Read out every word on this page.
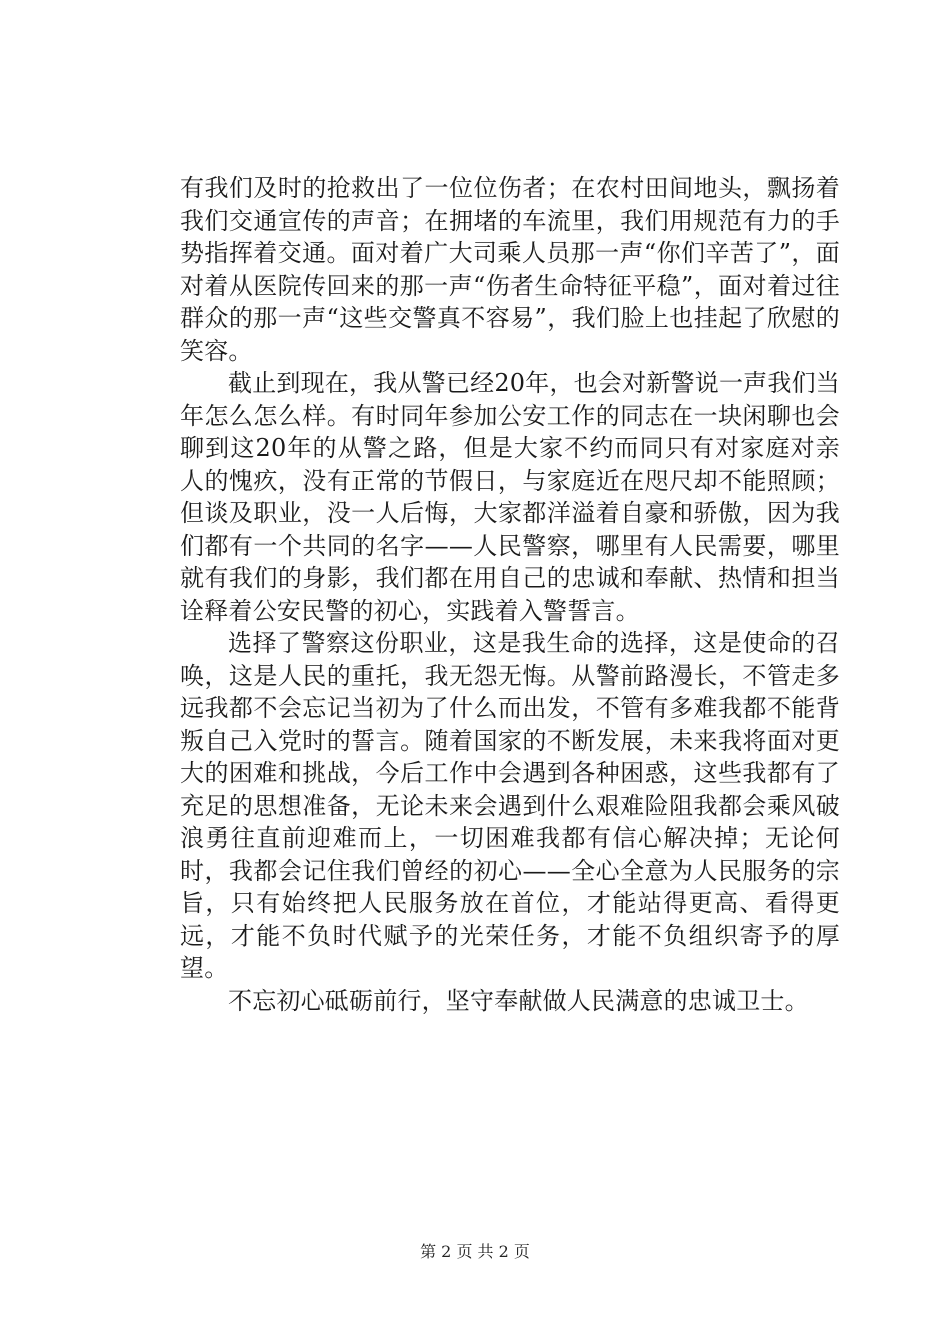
有我们及时的抢救出了一位位伤者；在农村田间地头，飘扬着我们交通宣传的声音；在拥堵的车流里，我们用规范有力的手势指挥着交通。面对着广大司乘人员那一声“你们辛苦了”，面对着从医院传回来的那一声“伤者生命特征平稳”，面对着过往群众的那一声“这些交警真不容易”，我们脸上也挂起了欣慰的笑容。

截止到现在，我从警已经20年，也会对新警说一声我们当年怎么怎么样。有时同年参加公安工作的同志在一块闲聊也会聊到这20年的从警之路，但是大家不约而同只有对家庭对亲人的愧疚，没有正常的节假日，与家庭近在咫尺却不能照顾；但谈及职业，没一人后悔，大家都洋溢着自豪和骄傲，因为我们都有一个共同的名字——人民警察，哪里有人民需要，哪里就有我们的身影，我们都在用自己的忠诚和奉献、热情和担当诠释着公安民警的初心，实践着入警誓言。

选择了警察这份职业，这是我生命的选择，这是使命的召唤，这是人民的重托，我无怨无悔。从警前路漫长，不管走多远我都不会忘记当初为了什么而出发，不管有多难我都不能背叛自己入党时的誓言。随着国家的不断发展，未来我将面对更大的困难和挑战，今后工作中会遇到各种困惑，这些我都有了充足的思想准备，无论未来会遇到什么艰难险阻我都会乘风破浪勇往直前迎难而上，一切困难我都有信心解决掉；无论何时，我都会记住我们曾经的初心——全心全意为人民服务的宗旨，只有始终把人民服务放在首位，才能站得更高、看得更远，才能不负时代赋予的光荣任务，才能不负组织寄予的厚望。

不忘初心砥砺前行，坚守奉献做人民满意的忠诚卫士。

第 2 页 共 2 页
